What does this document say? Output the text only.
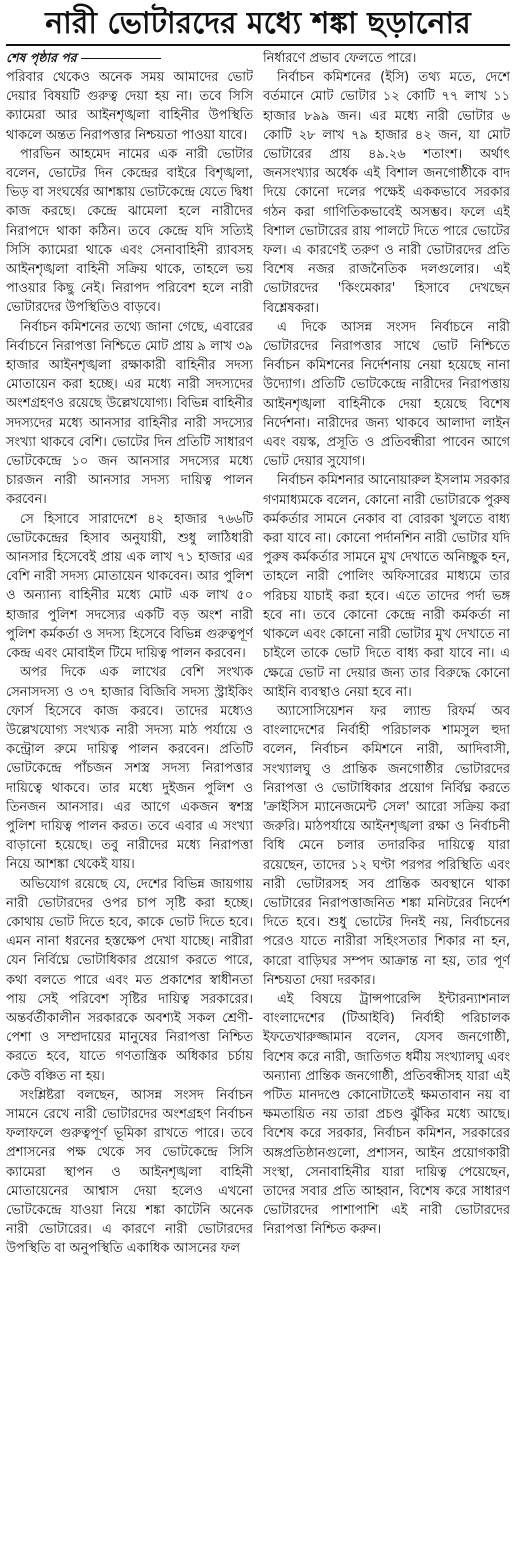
নারী ভোটারদের মধ্যে শঙ্কা ছড়ানোর
শেষ পৃষ্ঠার পর

পরিবার থেকেও অনেক সময় আমাদের ভোট দেয়ার বিষয়টি গুরুত্ব দেয়া হয় না। তবে সিসি ক্যামেরা আর আইনশৃঙ্খলা বাহিনীর উপস্থিতি থাকলে অন্তত নিরাপত্তার নিশ্চয়তা পাওয়া যাবে।

পারভিন আহমেদ নামের এক নারী ভোটার বলেন, ভোটের দিন কেন্দ্রের বাইরে বিশৃঙ্খলা, ভিড় বা সংঘর্ষের আশঙ্কায় ভোটকেন্দ্রে যেতে দ্বিধা কাজ করছে। কেন্দ্রে ঝামেলা হলে নারীদের নিরাপদে থাকা কঠিন। তবে কেন্দ্রে যদি সত্যিই সিসি ক্যামেরা থাকে এবং সেনাবাহিনী র‍্যাবসহ আইনশৃঙ্খলা বাহিনী সক্রিয় থাকে, তাহলে ভয় পাওয়ার কিছু নেই। নিরাপদ পরিবেশ হলে নারী ভোটারদের উপস্থিতিও বাড়বে।

নির্বাচন কমিশনের তথ্যে জানা গেছে, এবারের নির্বাচনে নিরাপত্তা নিশ্চিতে মোট প্রায় ৯ লাখ ৩৯ হাজার আইনশৃঙ্খলা রক্ষাকারী বাহিনীর সদস্য মোতায়েন করা হচ্ছে। এর মধ্যে নারী সদস্যদের অংশগ্রহণও রয়েছে উল্লেখযোগ্য। বিভিন্ন বাহিনীর সদস্যদের মধ্যে আনসার বাহিনীর নারী সদস্যের সংখ্যা থাকবে বেশি। ভোটের দিন প্রতিটি সাধারণ ভোটকেন্দ্রে ১০ জন আনসার সদস্যের মধ্যে চারজন নারী আনসার সদস্য দায়িত্ব পালন করবেন।

সে হিসাবে সারাদেশে ৪২ হাজার ৭৬৬টি ভোটকেন্দ্রের হিসাব অনুযায়ী, শুধু লাঠিধারী আনসার হিসেবেই প্রায় এক লাখ ৭১ হাজার এর বেশি নারী সদস্য মোতায়েন থাকবেন। আর পুলিশ ও অন্যান্য বাহিনীর মধ্যে মোট এক লাখ ৫০ হাজার পুলিশ সদস্যের একটি বড় অংশ নারী পুলিশ কর্মকর্তা ও সদস্য হিসেবে বিভিন্ন গুরুত্বপূর্ণ কেন্দ্র এবং মোবাইল টিমে দায়িত্ব পালন করবেন।

অপর দিকে এক লাখের বেশি সংখ্যক সেনাসদস্য ও ৩৭ হাজার বিজিবি সদস্য স্ট্রাইকিং ফোর্স হিসেবে কাজ করবে। তাদের মধ্যেও উল্লেখযোগ্য সংখ্যক নারী সদস্য মাঠ পর্যায়ে ও কন্ট্রোল রুমে দায়িত্ব পালন করবেন। প্রতিটি ভোটকেন্দ্রে পাঁচজন সশস্ত্র সদস্য নিরাপত্তার দায়িত্বে থাকবে। তার মধ্যে দুইজন পুলিশ ও তিনজন আনসার। এর আগে একজন স্বশস্ত্র পুলিশ দায়িত্ব পালন করত। তবে এবার এ সংখ্যা বাড়ানো হয়েছে। তবু নারীদের মধ্যে নিরাপত্তা নিয়ে আশঙ্কা থেকেই যায়।

অভিযোগ রয়েছে যে, দেশের বিভিন্ন জায়গায় নারী ভোটারদের ওপর চাপ সৃষ্টি করা হচ্ছে। কোথায় ভোট দিতে হবে, কাকে ভোট দিতে হবে। এমন নানা ধরনের হস্তক্ষেপ দেখা যাচ্ছে। নারীরা যেন নির্বিঘ্নে ভোটাধিকার প্রয়োগ করতে পারে, কথা বলতে পারে এবং মত প্রকাশের স্বাধীনতা পায় সেই পরিবেশ সৃষ্টির দায়িত্ব সরকারের। অন্তর্বর্তীকালীন সরকারকে অবশ্যই সকল শ্রেণী-পেশা ও সম্প্রদায়ের মানুষের নিরাপত্তা নিশ্চিত করতে হবে, যাতে গণতান্ত্রিক অধিকার চর্চায় কেউ বঞ্চিত না হয়।

সংশ্লিষ্টরা বলছেন, আসন্ন সংসদ নির্বাচন সামনে রেখে নারী ভোটারদের অংশগ্রহণ নির্বাচন ফলাফলে গুরুত্বপূর্ণ ভূমিকা রাখতে পারে। তবে প্রশাসনের পক্ষ থেকে সব ভোটকেন্দ্রে সিসি ক্যামেরা স্থাপন ও আইনশৃঙ্খলা বাহিনী মোতায়েনের আশ্বাস দেয়া হলেও এখনো ভোটকেন্দ্রে যাওয়া নিয়ে শঙ্কা কাটেনি অনেক নারী ভোটারের। এ কারণে নারী ভোটারদের উপস্থিতি বা অনুপস্থিতি একাধিক আসনের ফল

নির্ধারণে প্রভাব ফেলতে পারে।

নির্বাচন কমিশনের (ইসি) তথ্য মতে, দেশে বর্তমানে মোট ভোটার ১২ কোটি ৭৭ লাখ ১১ হাজার ৮৯৯ জন। এর মধ্যে নারী ভোটার ৬ কোটি ২৮ লাখ ৭৯ হাজার ৪২ জন, যা মোট ভোটারের প্রায় ৪৯.২৬ শতাংশ। অর্থাৎ জনসংখ্যার অর্ধেক এই বিশাল জনগোষ্ঠীকে বাদ দিয়ে কোনো দলের পক্ষেই এককভাবে সরকার গঠন করা গাণিতিকভাবেই অসম্ভব। ফলে এই বিশাল ভোটারের রায় পালটে দিতে পারে ভোটের ফল। এ কারণেই তরুণ ও নারী ভোটারদের প্রতি বিশেষ নজর রাজনৈতিক দলগুলোর। এই ভোটারদের 'কিংমেকার' হিসাবে দেখছেন বিশ্লেষকরা।

এ দিকে আসন্ন সংসদ নির্বাচনে নারী ভোটারদের নিরাপত্তার সাথে ভোট নিশ্চিতে নির্বাচন কমিশনের নির্দেশনায় নেয়া হয়েছে নানা উদ্যোগ। প্রতিটি ভোটকেন্দ্রে নারীদের নিরাপত্তায় আইনশৃঙ্খলা বাহিনীকে দেয়া হয়েছে বিশেষ নির্দেশনা। নারীদের জন্য থাকবে আলাদা লাইন এবং বয়স্ক, প্রসূতি ও প্রতিবন্ধীরা পাবেন আগে ভোট দেয়ার সুযোগ।

নির্বাচন কমিশনার আনোয়ারুল ইসলাম সরকার গণমাধ্যমকে বলেন, কোনো নারী ভোটারকে পুরুষ কর্মকর্তার সামনে নেকাব বা বোরকা খুলতে বাধ্য করা যাবে না। কোনো পর্দানশিন নারী ভোটার যদি পুরুষ কর্মকর্তার সামনে মুখ দেখাতে অনিচ্ছুক হন, তাহলে নারী পোলিং অফিসারের মাধ্যমে তার পরিচয় যাচাই করা হবে। এতে তাদের পর্দা ভঙ্গ হবে না। তবে কোনো কেন্দ্রে নারী কর্মকর্তা না থাকলে এবং কোনো নারী ভোটার মুখ দেখাতে না চাইলে তাকে ভোট দিতে বাধ্য করা যাবে না। এ ক্ষেত্রে ভোট না দেয়ার জন্য তার বিরুদ্ধে কোনো আইনি ব্যবস্থাও নেয়া হবে না।

অ্যাসোসিয়েশন ফর ল্যান্ড রিফর্ম অব বাংলাদেশের নির্বাহী পরিচালক শামসুল হুদা বলেন, নির্বাচন কমিশনে নারী, আদিবাসী, সংখ্যালঘু ও প্রান্তিক জনগোষ্ঠীর ভোটারদের নিরাপত্তা ও ভোটাধিকার প্রয়োগ নির্বিঘ্ন করতে 'ক্রাইসিস ম্যানেজমেন্ট সেল' আরো সক্রিয় করা জরুরি। মাঠপর্যায়ে আইনশৃঙ্খলা রক্ষা ও নির্বাচনী বিধি মেনে চলার তদারকির দায়িত্বে যারা রয়েছেন, তাদের ১২ ঘণ্টা পরপর পরিস্থিতি এবং নারী ভোটারসহ সব প্রান্তিক অবস্থানে থাকা ভোটারের নিরাপত্তাজনিত শঙ্কা মনিটরের নির্দেশ দিতে হবে। শুধু ভোটের দিনই নয়, নির্বাচনের পরেও যাতে নারীরা সহিংসতার শিকার না হন, কারো বাড়িঘর সম্পদ আক্রান্ত না হয়, তার পূর্ণ নিশ্চয়তা দেয়া দরকার।

এই বিষয়ে ট্রান্সপারেন্সি ইন্টারন্যাশনাল বাংলাদেশের (টিআইবি) নির্বাহী পরিচালক ইফতেখারুজ্জামান বলেন, যেসব জনগোষ্ঠী, বিশেষ করে নারী, জাতিগত ধর্মীয় সংখ্যালঘু এবং অন্যান্য প্রান্তিক জনগোষ্ঠী, প্রতিবন্ধীসহ যারা এই পটিত মানদণ্ডে কোনোটাতেই ক্ষমতাবান নয় বা ক্ষমতায়িত নয় তারা প্রচণ্ড ঝুঁকির মধ্যে আছে। বিশেষ করে সরকার, নির্বাচন কমিশন, সরকারের অঙ্গপ্রতিষ্ঠানগুলো, প্রশাসন, আইন প্রয়োগকারী সংস্থা, সেনাবাহিনীর যারা দায়িত্ব পেয়েছেন, তাদের সবার প্রতি আহ্বান, বিশেষ করে সাধারণ ভোটারদের পাশাপাশি এই নারী ভোটারদের নিরাপত্তা নিশ্চিত করুন।
